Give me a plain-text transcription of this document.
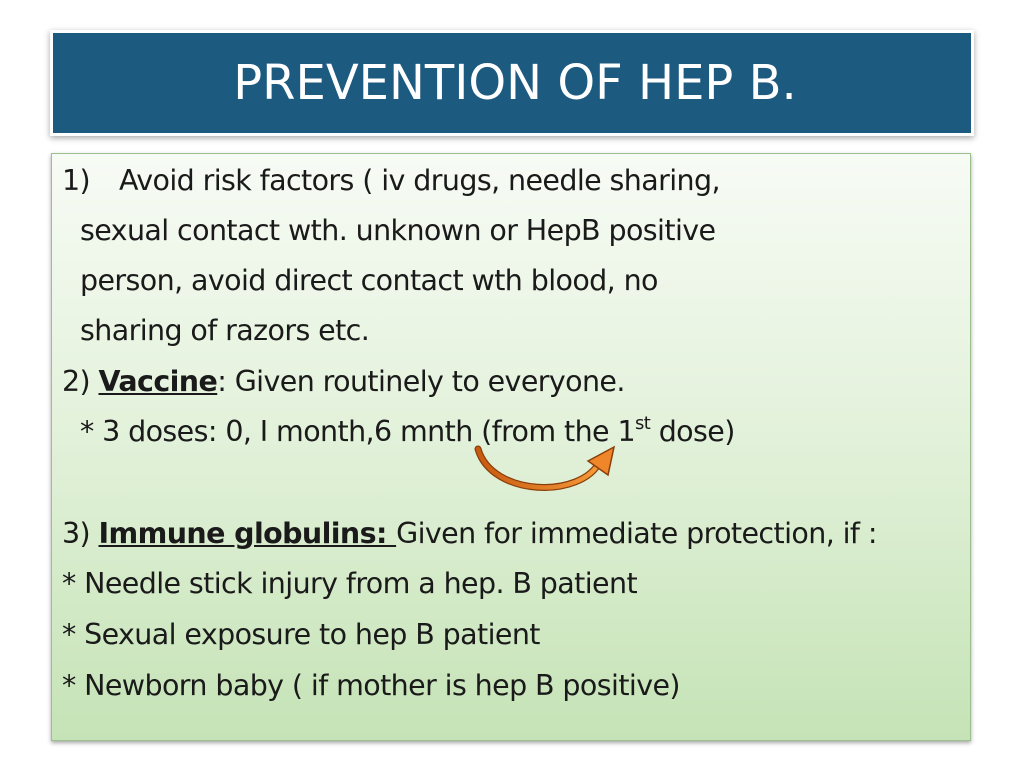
PREVENTION OF HEP B.
1) Avoid risk factors ( iv drugs, needle sharing,
sexual contact wth. unknown or HepB positive
person, avoid direct contact wth blood, no
sharing of razors etc.
2) Vaccine: Given routinely to everyone.
* 3 doses: 0, I month,6 mnth (from the 1st dose)
3) Immune globulins: Given for immediate protection, if :
* Needle stick injury from a hep. B patient
* Sexual exposure to hep B patient
* Newborn baby ( if mother is hep B positive)
